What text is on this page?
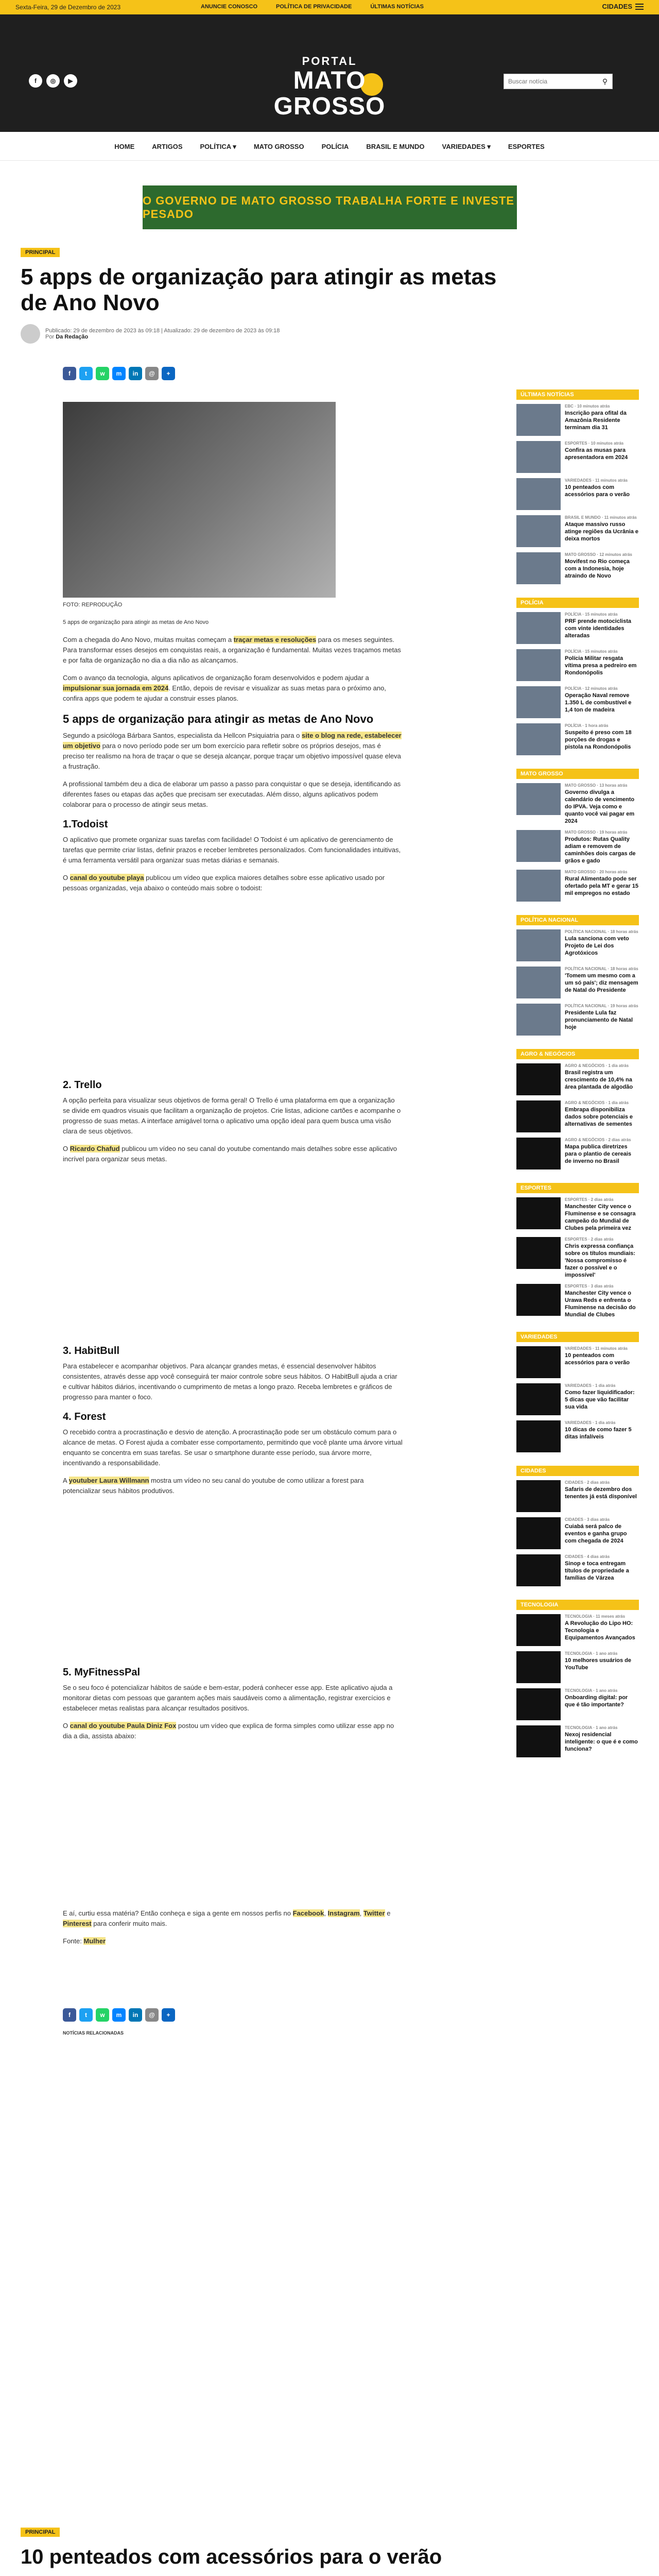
Sexta-Feira, 29 de Dezembro de 2023	ANUNCIE CONOSCO	POLÍTICA DE PRIVACIDADE	ÚLTIMAS NOTÍCIAS	CIDADES
f	◎	▶
PORTAL
MATO GROSSO
Buscar notícia
⚲
HOME	ARTIGOS	POLÍTICA ▾	MATO GROSSO	POLÍCIA	BRASIL E MUNDO	VARIEDADES ▾	ESPORTES
O GOVERNO DE MATO GROSSO TRABALHA FORTE E INVESTE PESADO
PRINCIPAL
5 apps de organização para atingir as metas de Ano Novo
Publicado: 29 de dezembro de 2023 às 09:18 | Atualizado: 29 de dezembro de 2023 às 09:18
Por Da Redação
f	t	w	m	in	@	+

FOTO: REPRODUÇÃO

5 apps de organização para atingir as metas de Ano Novo

Com a chegada do Ano Novo, muitas muitas começam a traçar metas e resoluções para os meses seguintes. Para transformar esses desejos em conquistas reais, a organização é fundamental. Muitas vezes traçamos metas e por falta de organização no dia a dia não as alcançamos.

Com o avanço da tecnologia, alguns aplicativos de organização foram desenvolvidos e podem ajudar a impulsionar sua jornada em 2024. Então, depois de revisar e visualizar as suas metas para o próximo ano, confira apps que podem te ajudar a construir esses planos.

5 apps de organização para atingir as metas de Ano Novo

Segundo a psicóloga Bárbara Santos, especialista da Hellcon Psiquiatria para o site o blog na rede, estabelecer um objetivo para o novo período pode ser um bom exercício para refletir sobre os próprios desejos, mas é preciso ter realismo na hora de traçar o que se deseja alcançar, porque traçar um objetivo impossível quase eleva a frustração.

A profissional também deu a dica de elaborar um passo a passo para conquistar o que se deseja, identificando as diferentes fases ou etapas das ações que precisam ser executadas. Além disso, alguns aplicativos podem colaborar para o processo de atingir seus metas.

1.Todoist

O aplicativo que promete organizar suas tarefas com facilidade! O Todoist é um aplicativo de gerenciamento de tarefas que permite criar listas, definir prazos e receber lembretes personalizados. Com funcionalidades intuitivas, é uma ferramenta versátil para organizar suas metas diárias e semanais.

O canal do youtube playa publicou um vídeo que explica maiores detalhes sobre esse aplicativo usado por pessoas organizadas, veja abaixo o conteúdo mais sobre o todoist:

2. Trello

A opção perfeita para visualizar seus objetivos de forma geral! O Trello é uma plataforma em que a organização se divide em quadros visuais que facilitam a organização de projetos. Crie listas, adicione cartões e acompanhe o progresso de suas metas. A interface amigável torna o aplicativo uma opção ideal para quem busca uma visão clara de seus objetivos.

O Ricardo Chafud publicou um vídeo no seu canal do youtube comentando mais detalhes sobre esse aplicativo incrível para organizar seus metas.

3. HabitBull

Para estabelecer e acompanhar objetivos. Para alcançar grandes metas, é essencial desenvolver hábitos consistentes, através desse app você conseguirá ter maior controle sobre seus hábitos. O HabitBull ajuda a criar e cultivar hábitos diários, incentivando o cumprimento de metas a longo prazo. Receba lembretes e gráficos de progresso para manter o foco.

4. Forest

O recebido contra a procrastinação e desvio de atenção. A procrastinação pode ser um obstáculo comum para o alcance de metas. O Forest ajuda a combater esse comportamento, permitindo que você plante uma árvore virtual enquanto se concentra em suas tarefas. Se usar o smartphone durante esse período, sua árvore morre, incentivando a responsabilidade.

A youtuber Laura Willmann mostra um vídeo no seu canal do youtube de como utilizar a forest para potencializar seus hábitos produtivos.

5. MyFitnessPal

Se o seu foco é potencializar hábitos de saúde e bem-estar, poderá conhecer esse app. Este aplicativo ajuda a monitorar dietas com pessoas que garantem ações mais saudáveis como a alimentação, registrar exercícios e estabelecer metas realistas para alcançar resultados positivos.

O canal do youtube Paula Diniz Fox postou um vídeo que explica de forma simples como utilizar esse app no dia a dia, assista abaixo:

E aí, curtiu essa matéria? Então conheça e siga a gente em nossos perfis no Facebook, Instagram, Twitter e Pinterest para conferir muito mais.

Fonte: Mulher

f	t	w	m	in	@	+

NOTÍCIAS RELACIONADAS

ÚLTIMAS NOTÍCIAS
EBC · 10 minutos atrás
Inscrição para ofital da Amazônia Residente terminam dia 31
ESPORTES · 10 minutos atrás
Confira as musas para apresentadora em 2024
VARIEDADES · 11 minutos atrás
10 penteados com acessórios para o verão
BRASIL E MUNDO · 11 minutos atrás
Ataque massivo russo atinge regiões da Ucrânia e deixa mortos
MATO GROSSO · 12 minutos atrás
Movifest no Rio começa com a Indonesia, hoje atraindo de Novo
POLÍCIA
POLÍCIA · 15 minutos atrás
PRF prende motociclista com vinte identidades alteradas
POLÍCIA · 15 minutos atrás
Polícia Militar resgata vítima presa a pedreiro em Rondonópolis
POLÍCIA · 12 minutos atrás
Operação Naval remove 1.350 L de combustível e 1,4 ton de madeira
POLÍCIA · 1 hora atrás
Suspeito é preso com 18 porções de drogas e pistola na Rondonópolis
MATO GROSSO
MATO GROSSO · 13 horas atrás
Governo divulga a calendário de vencimento do IPVA. Veja como e quanto você vai pagar em 2024
MATO GROSSO · 19 horas atrás
Produtos: Rutas Quality adiam e removem de caminhões dois cargas de grãos e gado
MATO GROSSO · 20 horas atrás
Rural Alimentado pode ser ofertado pela MT e gerar 15 mil empregos no estado
POLÍTICA NACIONAL
POLÍTICA NACIONAL · 18 horas atrás
Lula sanciona com veto Projeto de Lei dos Agrotóxicos
POLÍTICA NACIONAL · 18 horas atrás
'Tomem um mesmo com a um só país'; diz mensagem de Natal do Presidente
POLÍTICA NACIONAL · 19 horas atrás
Presidente Lula faz pronunciamento de Natal hoje
AGRO & NEGÓCIOS
AGRO & NEGÓCIOS · 1 dia atrás
Brasil registra um crescimento de 10,4% na área plantada de algodão
AGRO & NEGÓCIOS · 1 dia atrás
Embrapa disponibiliza dados sobre potenciais e alternativas de sementes
AGRO & NEGÓCIOS · 2 dias atrás
Mapa publica diretrizes para o plantio de cereais de inverno no Brasil
ESPORTES
ESPORTES · 2 dias atrás
Manchester City vence o Fluminense e se consagra campeão do Mundial de Clubes pela primeira vez
ESPORTES · 2 dias atrás
Chris expressa confiança sobre os títulos mundiais: 'Nossa compromisso é fazer o possível e o impossível'
ESPORTES · 3 dias atrás
Manchester City vence o Urawa Reds e enfrenta o Fluminense na decisão do Mundial de Clubes
VARIEDADES
VARIEDADES · 11 minutos atrás
10 penteados com acessórios para o verão
VARIEDADES · 1 dia atrás
Como fazer liquidificador: 5 dicas que vão facilitar sua vida
VARIEDADES · 1 dia atrás
10 dicas de como fazer 5 ditas infalíveis
CIDADES
CIDADES · 2 dias atrás
Safaris de dezembro dos tenentes já está disponível
CIDADES · 3 dias atrás
Cuiabá será palco de eventos e ganha grupo com chegada de 2024
CIDADES · 4 dias atrás
Sinop e toca entregam títulos de propriedade a famílias de Várzea
TECNOLOGIA
TECNOLOGIA · 11 meses atrás
A Revolução do Lipo HO: Tecnologia e Equipamentos Avançados
TECNOLOGIA · 1 ano atrás
10 melhores usuários de YouTube
TECNOLOGIA · 1 ano atrás
Onboarding digital: por que é tão importante?
TECNOLOGIA · 1 ano atrás
Nexoj residencial inteligente: o que é e como funciona?
PRINCIPAL
10 penteados com acessórios para o verão
